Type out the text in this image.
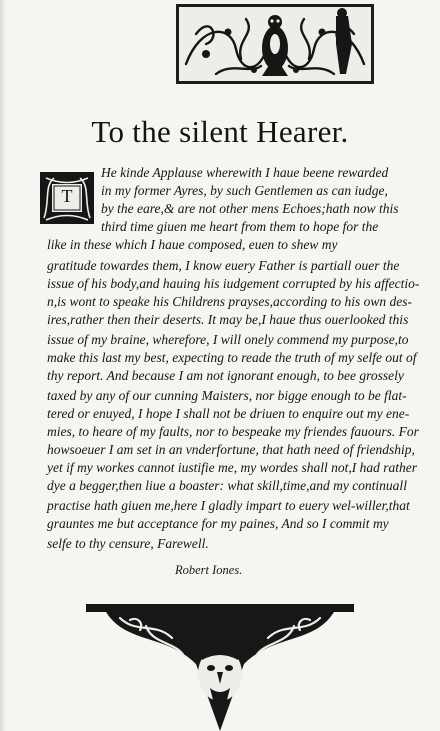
To the silent Hearer.
T
He kinde Applause wherewith I haue beene rewarded
in my former Ayres, by such Gentlemen as can iudge,
by the eare,& are not other mens Echoes;hath now this
third time giuen me heart from them to hope for the
like in these which I haue composed, euen to shew my
gratitude towardes them, I know euery Father is partiall ouer the
issue of his body,and hauing his iudgement corrupted by his affectio-
n,is wont to speake his Childrens prayses,according to his own des-
ires,rather then their deserts. It may be,I haue thus ouerlooked this
issue of my braine, wherefore, I will onely commend my purpose,to
make this last my best, expecting to reade the truth of my selfe out of
thy report. And because I am not ignorant enough, to bee grossely
taxed by any of our cunning Maisters, nor bigge enough to be flat-
tered or enuyed, I hope I shall not be driuen to enquire out my ene-
mies, to heare of my faults, nor to bespeake my friendes fauours. For
howsoeuer I am set in an vnderfortune, that hath need of friendship,
yet if my workes cannot iustifie me, my wordes shall not,I had rather
dye a begger,then liue a boaster: what skill,time,and my continuall
practise hath giuen me,here I gladly impart to euery wel-willer,that
grauntes me but acceptance for my paines, And so I commit my
selfe to thy censure, Farewell.
Robert Iones.
